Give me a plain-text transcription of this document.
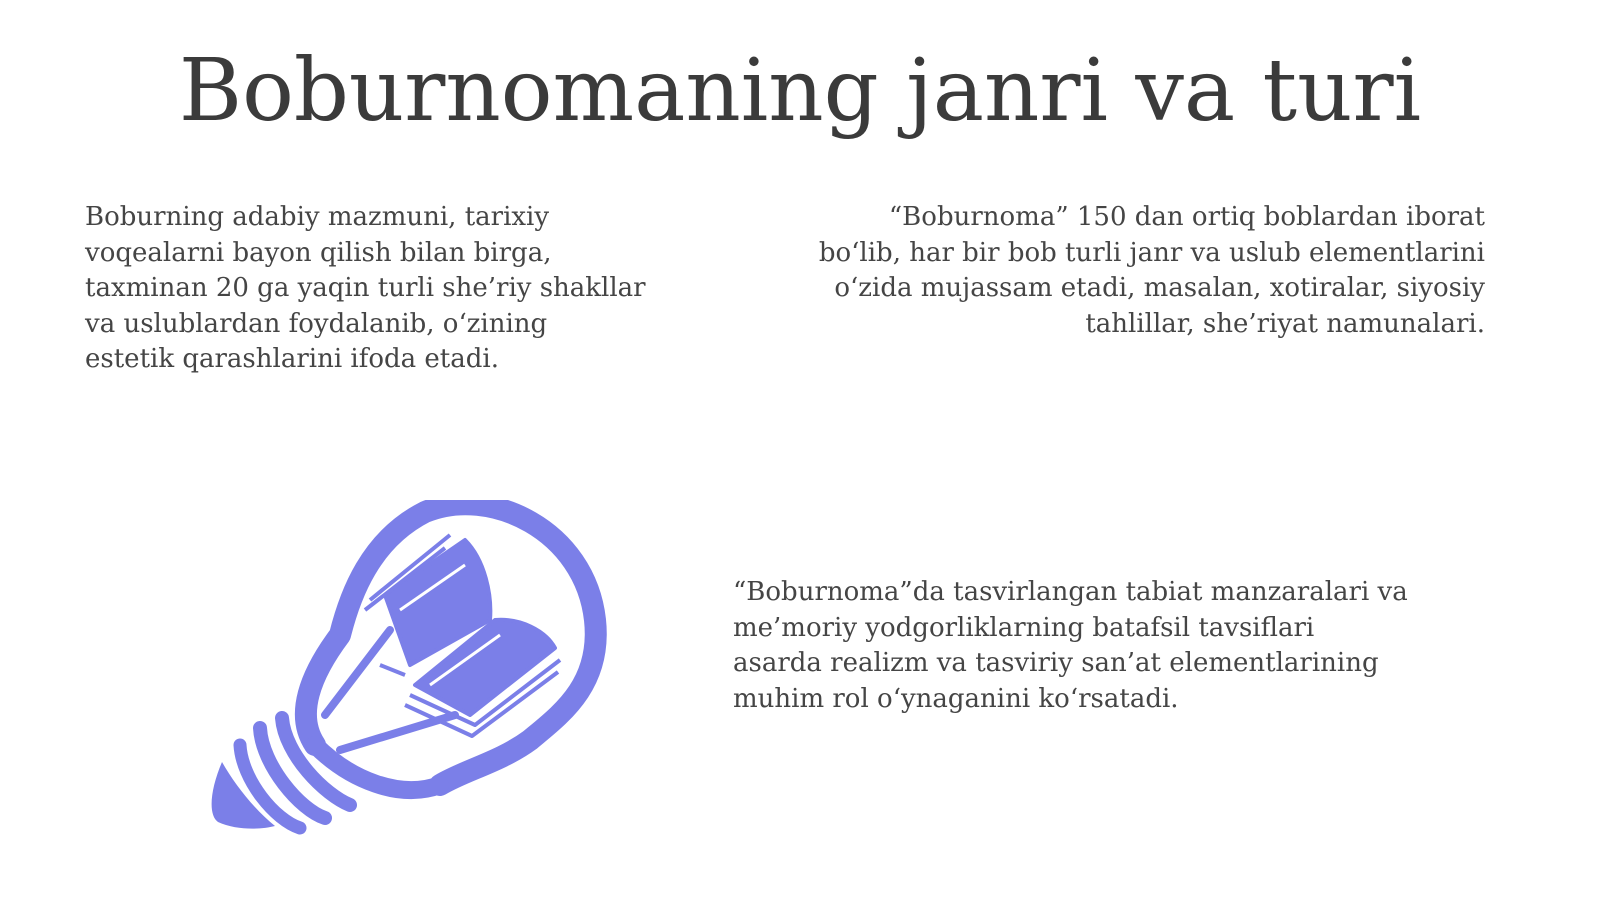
Boburnomaning janri va turi

Boburning adabiy mazmuni, tarixiy
voqealarni bayon qilish bilan birga,
taxminan 20 ga yaqin turli she’riy shakllar
va uslublardan foydalanib, o‘zining
estetik qarashlarini ifoda etadi.

“Boburnoma” 150 dan ortiq boblardan iborat
bo‘lib, har bir bob turli janr va uslub elementlarini
o‘zida mujassam etadi, masalan, xotiralar, siyosiy
tahlillar, she’riyat namunalari.

“Boburnoma”da tasvirlangan tabiat manzaralari va
me’moriy yodgorliklarning batafsil tavsiflari
asarda realizm va tasviriy san’at elementlarining
muhim rol o‘ynaganini ko‘rsatadi.
